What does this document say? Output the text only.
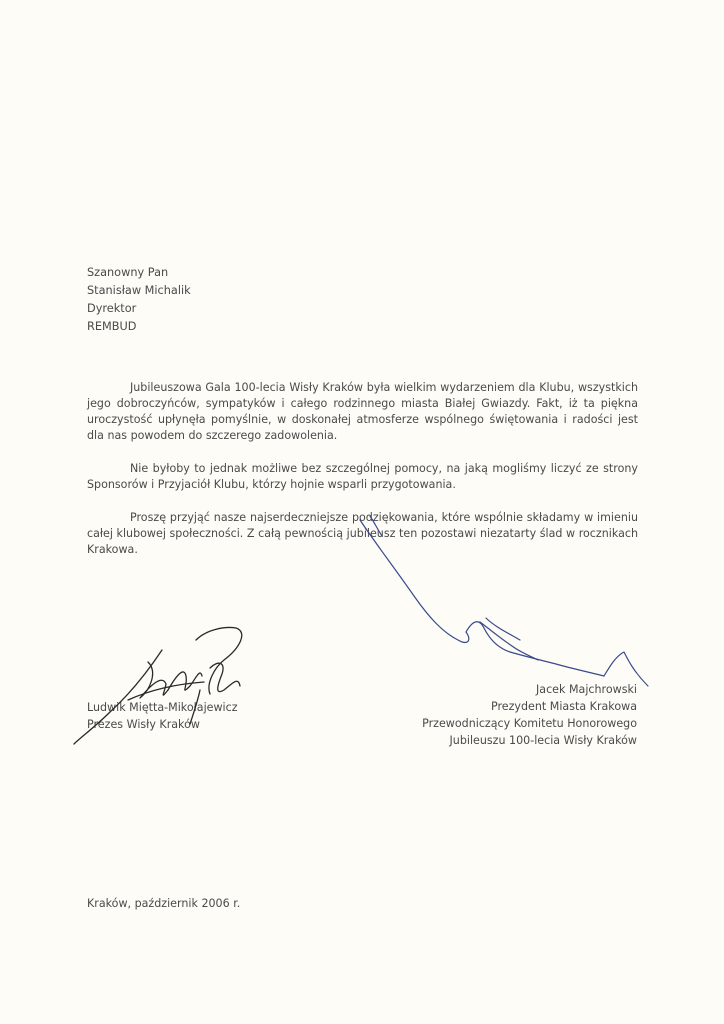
Szanowny Pan
Stanisław Michalik
Dyrektor
REMBUD

Jubileuszowa Gala 100-lecia Wisły Kraków była wielkim wydarzeniem dla Klubu, wszystkich jego dobroczyńców, sympatyków i całego rodzinnego miasta Białej Gwiazdy. Fakt, iż ta piękna uroczystość upłynęła pomyślnie, w doskonałej atmosferze wspólnego świętowania i radości jest dla nas powodem do szczerego zadowolenia.

Nie byłoby to jednak możliwe bez szczególnej pomocy, na jaką mogliśmy liczyć ze strony Sponsorów i Przyjaciół Klubu, którzy hojnie wsparli przygotowania.

Proszę przyjąć nasze najserdeczniejsze podziękowania, które wspólnie składamy w imieniu całej klubowej społeczności. Z całą pewnością jubileusz ten pozostawi niezatarty ślad w rocznikach Krakowa.

Ludwik Miętta-Mikołajewicz
Prezes Wisły Kraków
Jacek Majchrowski
Prezydent Miasta Krakowa
Przewodniczący Komitetu Honorowego
Jubileuszu 100-lecia Wisły Kraków
Kraków, październik 2006 r.
